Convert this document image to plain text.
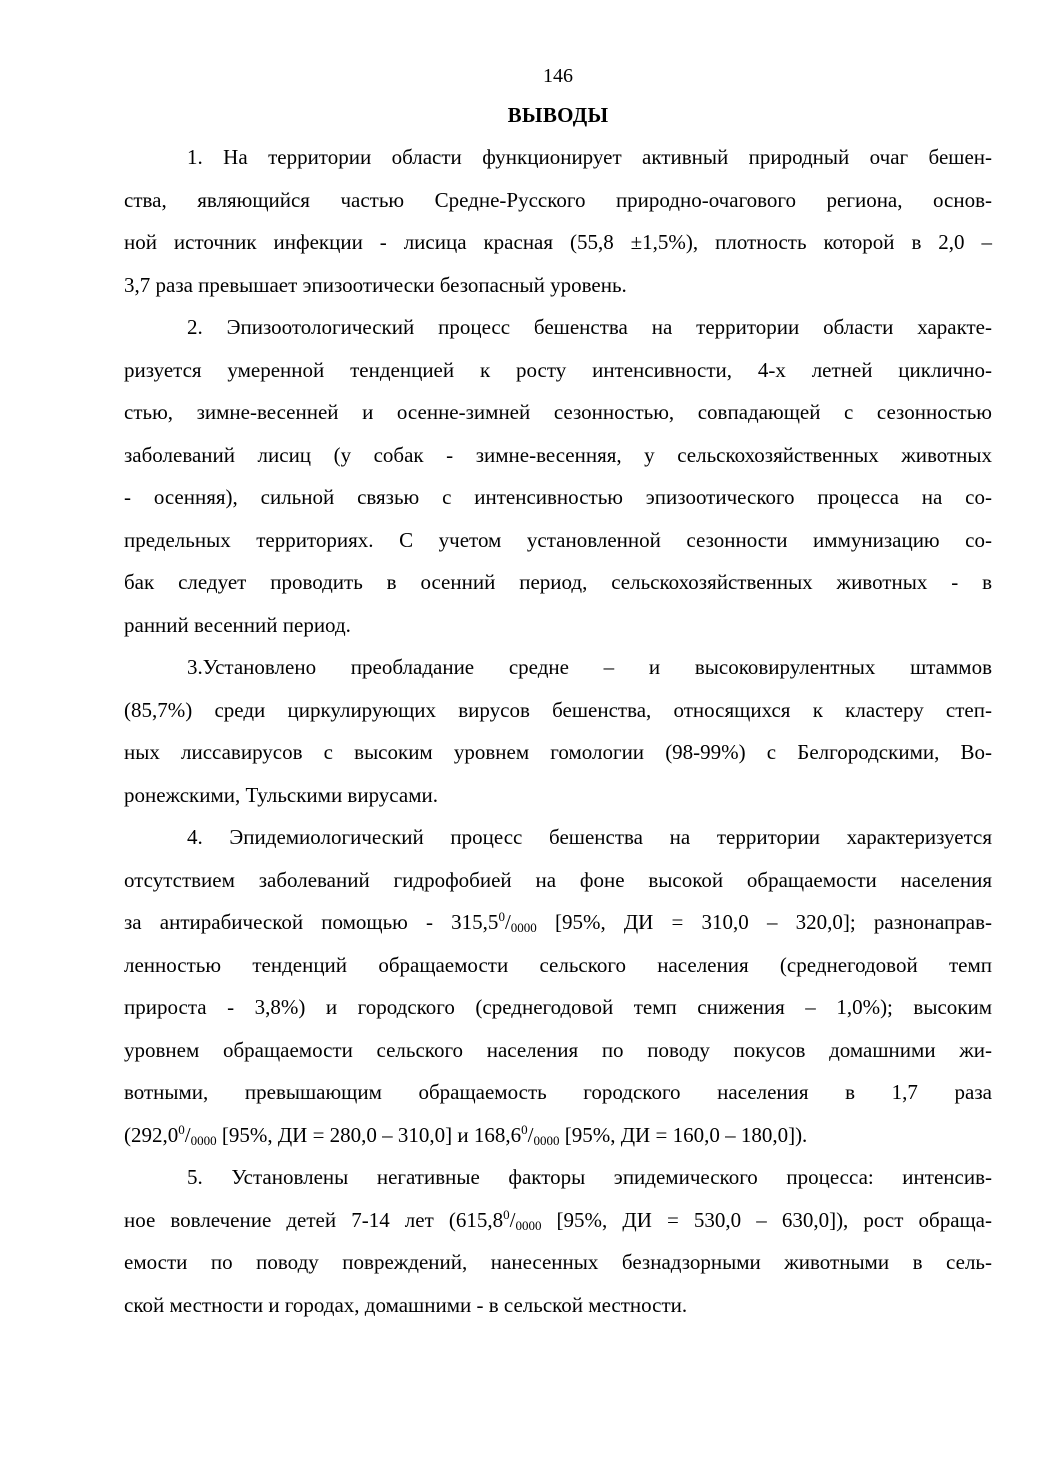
146
ВЫВОДЫ

1. На территории области функционирует активный природный очаг бешен-
ства, являющийся частью Средне-Русского природно-очагового региона, основ-
ной источник инфекции - лисица красная (55,8 ±1,5%), плотность которой в 2,0 –
3,7 раза превышает эпизоотически безопасный уровень.

2. Эпизоотологический процесс бешенства на территории области характе-
ризуется умеренной тенденцией к росту интенсивности, 4-х летней циклично-
стью, зимне-весенней и осенне-зимней сезонностью, совпадающей с сезонностью
заболеваний лисиц (у собак - зимне-весенняя, у сельскохозяйственных животных
- осенняя), сильной связью с интенсивностью эпизоотического процесса на со-
предельных территориях. С учетом установленной сезонности иммунизацию со-
бак следует проводить в осенний период, сельскохозяйственных животных - в
ранний весенний период.

3.Установлено преобладание средне – и высоковирулентных штаммов
(85,7%) среди циркулирующих вирусов бешенства, относящихся к кластеру степ-
ных лиссавирусов с высоким уровнем гомологии (98-99%) с Белгородскими, Во-
ронежскими, Тульскими вирусами.

4. Эпидемиологический процесс бешенства на территории характеризуется
отсутствием заболеваний гидрофобией на фоне высокой обращаемости населения
за антирабической помощью - $315,5^0/_{0000}$ [95%, ДИ = 310,0 – 320,0]; разнонаправ-
ленностью тенденций обращаемости сельского населения (среднегодовой темп
прироста - 3,8%) и городского (среднегодовой темп снижения – 1,0%); высоким
уровнем обращаемости сельского населения по поводу покусов домашними жи-
вотными, превышающим обращаемость городского населения в 1,7 раза
($292,0^0/_{0000}$ [95%, ДИ = 280,0 – 310,0] и $168,6^0/_{0000}$ [95%, ДИ = 160,0 – 180,0]).

5. Установлены негативные факторы эпидемического процесса: интенсив-
ное вовлечение детей 7-14 лет ($615,8^0/_{0000}$ [95%, ДИ = 530,0 – 630,0]), рост обраща-
емости по поводу повреждений, нанесенных безнадзорными животными в сель-
ской местности и городах, домашними - в сельской местности.
